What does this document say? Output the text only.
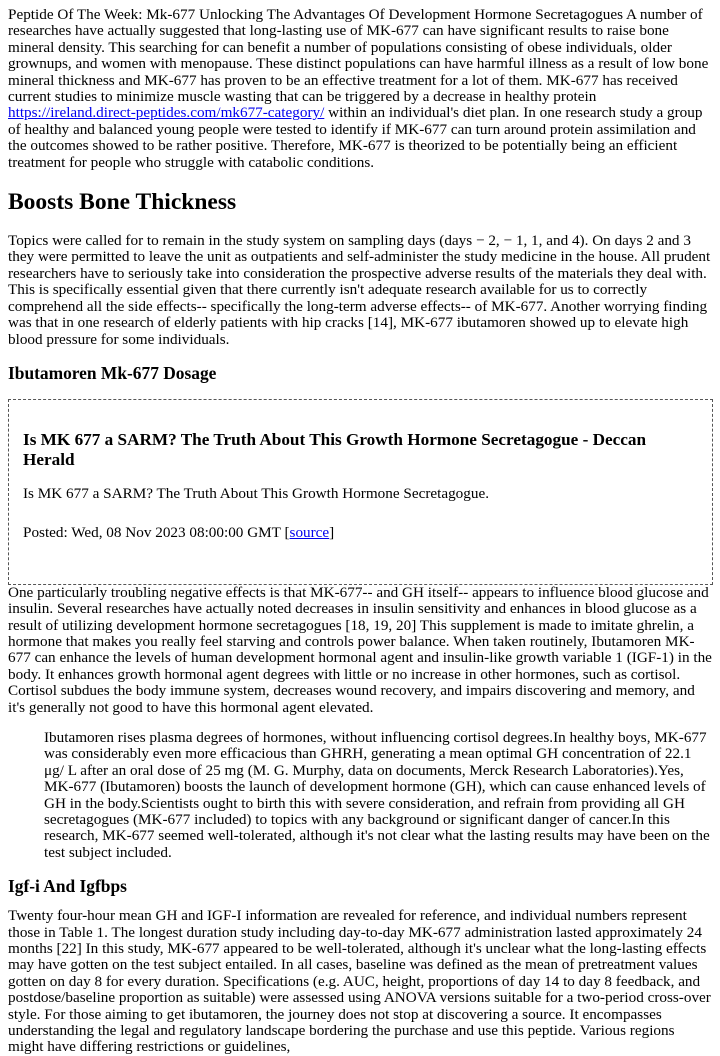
Peptide Of The Week: Mk-677 Unlocking The Advantages Of Development Hormone Secretagogues A number of researches have actually suggested that long-lasting use of MK-677 can have significant results to raise bone mineral density. This searching for can benefit a number of populations consisting of obese individuals, older grownups, and women with menopause. These distinct populations can have harmful illness as a result of low bone mineral thickness and MK-677 has proven to be an effective treatment for a lot of them. MK-677 has received current studies to minimize muscle wasting that can be triggered by a decrease in healthy protein https://ireland.direct-peptides.com/mk677-category/ within an individual's diet plan. In one research study a group of healthy and balanced young people were tested to identify if MK-677 can turn around protein assimilation and the outcomes showed to be rather positive. Therefore, MK-677 is theorized to be potentially being an efficient treatment for people who struggle with catabolic conditions.

Boosts Bone Thickness

Topics were called for to remain in the study system on sampling days (days − 2, − 1, 1, and 4). On days 2 and 3 they were permitted to leave the unit as outpatients and self-administer the study medicine in the house. All prudent researchers have to seriously take into consideration the prospective adverse results of the materials they deal with. This is specifically essential given that there currently isn't adequate research available for us to correctly comprehend all the side effects-- specifically the long-term adverse effects-- of MK-677. Another worrying finding was that in one research of elderly patients with hip cracks [14], MK-677 ibutamoren showed up to elevate high blood pressure for some individuals.

Ibutamoren Mk-677 Dosage
Is MK 677 a SARM? The Truth About This Growth Hormone Secretagogue - Deccan Herald

Is MK 677 a SARM? The Truth About This Growth Hormone Secretagogue.

Posted: Wed, 08 Nov 2023 08:00:00 GMT [source]

One particularly troubling negative effects is that MK-677-- and GH itself-- appears to influence blood glucose and insulin. Several researches have actually noted decreases in insulin sensitivity and enhances in blood glucose as a result of utilizing development hormone secretagogues [18, 19, 20] This supplement is made to imitate ghrelin, a hormone that makes you really feel starving and controls power balance. When taken routinely, Ibutamoren MK-677 can enhance the levels of human development hormonal agent and insulin-like growth variable 1 (IGF-1) in the body. It enhances growth hormonal agent degrees with little or no increase in other hormones, such as cortisol. Cortisol subdues the body immune system, decreases wound recovery, and impairs discovering and memory, and it's generally not good to have this hormonal agent elevated.

Ibutamoren rises plasma degrees of hormones, without influencing cortisol degrees.In healthy boys, MK-677 was considerably even more efficacious than GHRH, generating a mean optimal GH concentration of 22.1 μg/ L after an oral dose of 25 mg (M. G. Murphy, data on documents, Merck Research Laboratories).Yes, MK-677 (Ibutamoren) boosts the launch of development hormone (GH), which can cause enhanced levels of GH in the body.Scientists ought to birth this with severe consideration, and refrain from providing all GH secretagogues (MK-677 included) to topics with any background or significant danger of cancer.In this research, MK-677 seemed well-tolerated, although it's not clear what the lasting results may have been on the test subject included.
Igf-i And Igfbps

Twenty four-hour mean GH and IGF-I information are revealed for reference, and individual numbers represent those in Table 1. The longest duration study including day-to-day MK-677 administration lasted approximately 24 months [22] In this study, MK-677 appeared to be well-tolerated, although it's unclear what the long-lasting effects may have gotten on the test subject entailed. In all cases, baseline was defined as the mean of pretreatment values gotten on day 8 for every duration. Specifications (e.g. AUC, height, proportions of day 14 to day 8 feedback, and postdose/baseline proportion as suitable) were assessed using ANOVA versions suitable for a two-period cross-over style. For those aiming to get ibutamoren, the journey does not stop at discovering a source. It encompasses understanding the legal and regulatory landscape bordering the purchase and use this peptide. Various regions might have differing restrictions or guidelines,
